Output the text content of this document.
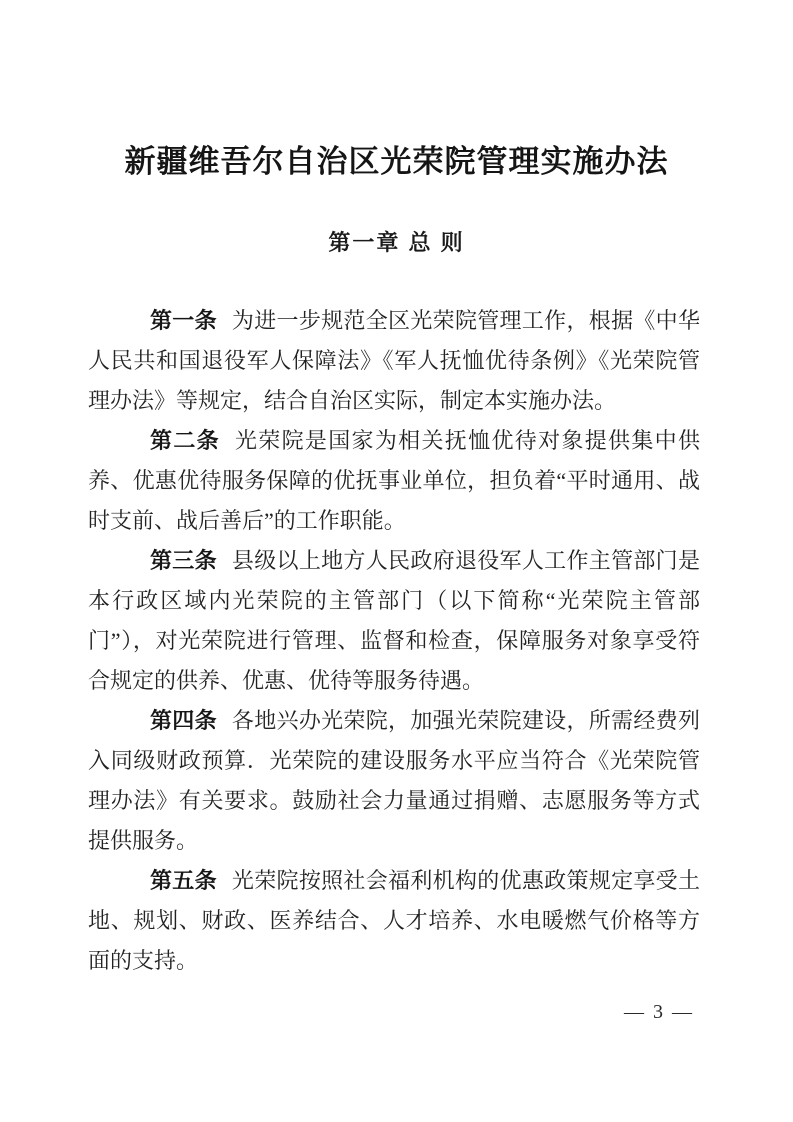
新疆维吾尔自治区光荣院管理实施办法
第一章 总 则

第一条 为进一步规范全区光荣院管理工作，根据《中华人民共和国退役军人保障法》《军人抚恤优待条例》《光荣院管理办法》等规定，结合自治区实际，制定本实施办法。

第二条 光荣院是国家为相关抚恤优待对象提供集中供养、优惠优待服务保障的优抚事业单位，担负着“平时通用、战时支前、战后善后”的工作职能。

第三条 县级以上地方人民政府退役军人工作主管部门是本行政区域内光荣院的主管部门（以下简称“光荣院主管部门”），对光荣院进行管理、监督和检查，保障服务对象享受符合规定的供养、优惠、优待等服务待遇。

第四条 各地兴办光荣院，加强光荣院建设，所需经费列入同级财政预算．光荣院的建设服务水平应当符合《光荣院管理办法》有关要求。鼓励社会力量通过捐赠、志愿服务等方式提供服务。

第五条 光荣院按照社会福利机构的优惠政策规定享受土地、规划、财政、医养结合、人才培养、水电暖燃气价格等方面的支持。

— 3 —
